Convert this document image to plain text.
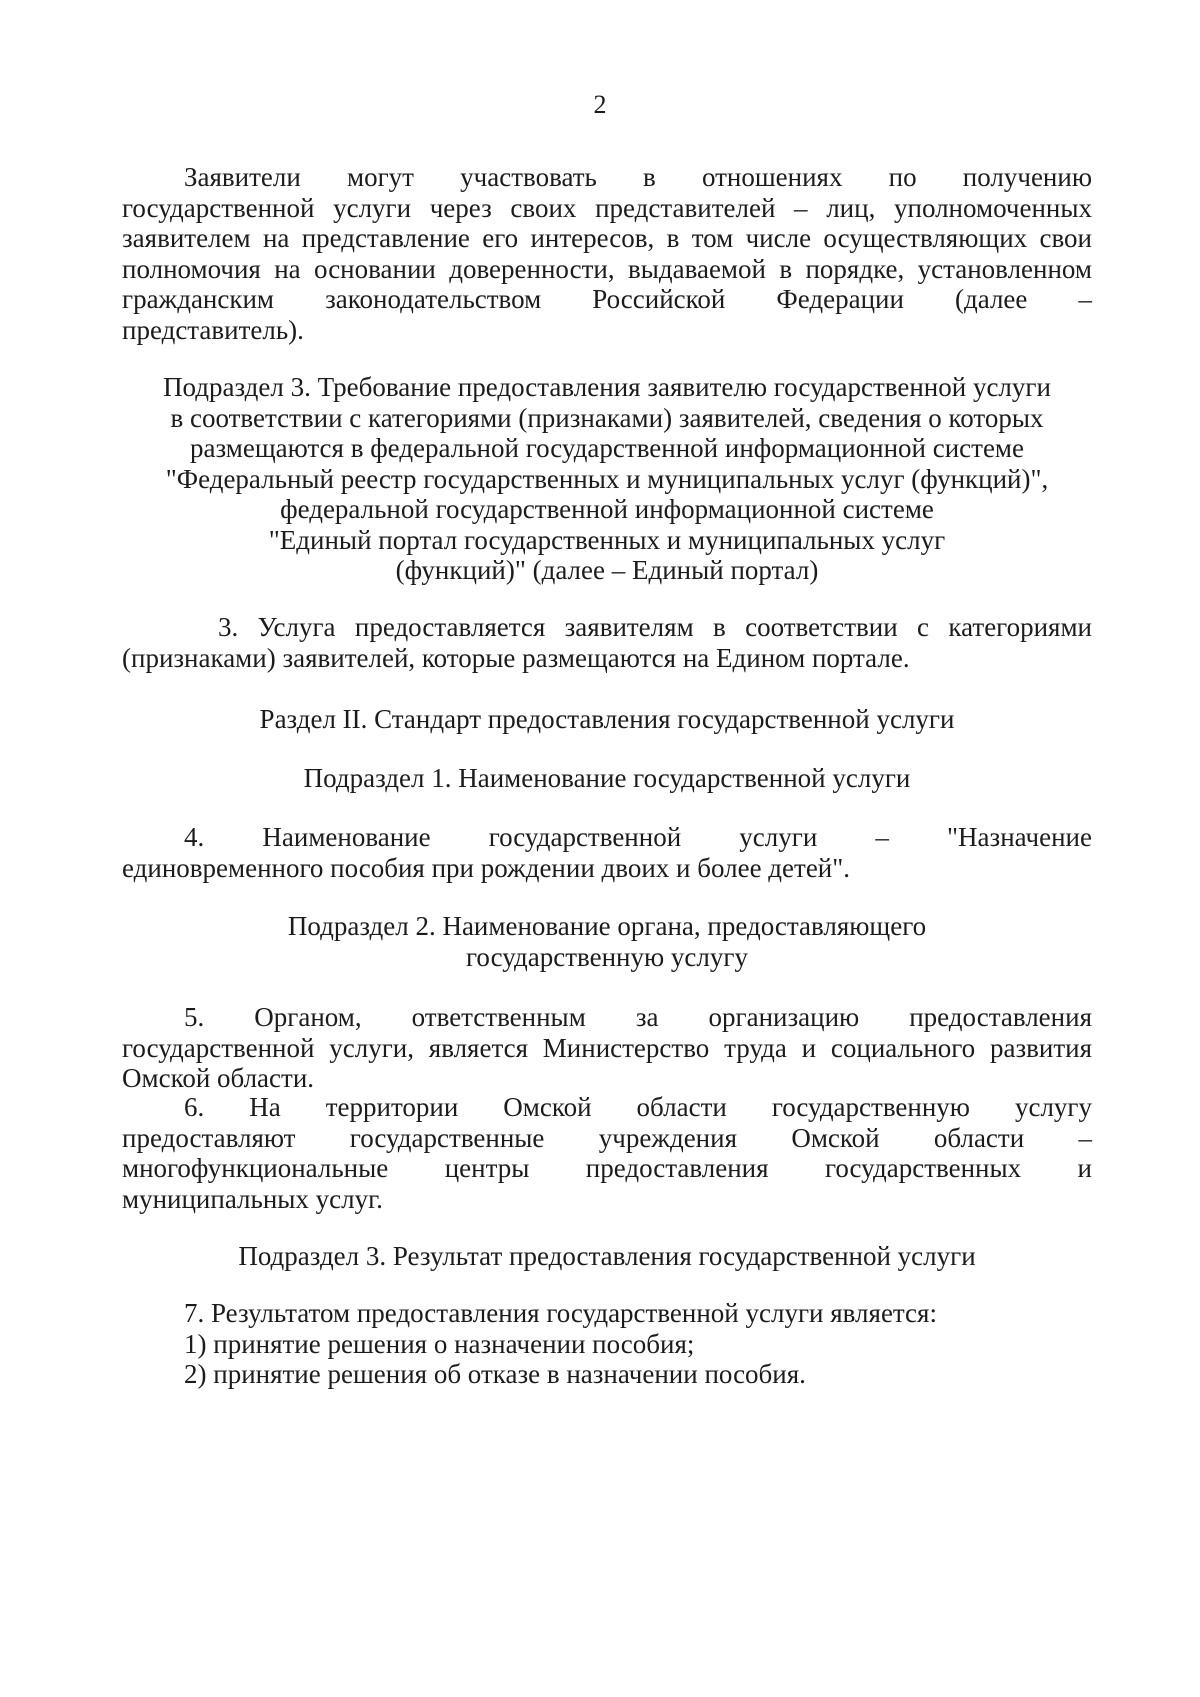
2
Заявители могут участвовать в отношениях по получению
государственной услуги через своих представителей – лиц, уполномоченных
заявителем на представление его интересов, в том числе осуществляющих свои
полномочия на основании доверенности, выдаваемой в порядке, установленном
гражданским законодательством Российской Федерации (далее –
представитель).
Подраздел 3. Требование предоставления заявителю государственной услуги
в соответствии с категориями (признаками) заявителей, сведения о которых
размещаются в федеральной государственной информационной системе
"Федеральный реестр государственных и муниципальных услуг (функций)",
федеральной государственной информационной системе
"Единый портал государственных и муниципальных услуг
(функций)" (далее – Единый портал)
3. Услуга предоставляется заявителям в соответствии с категориями
(признаками) заявителей, которые размещаются на Едином портале.
Раздел II. Стандарт предоставления государственной услуги
Подраздел 1. Наименование государственной услуги
4. Наименование государственной услуги – "Назначение
единовременного пособия при рождении двоих и более детей".
Подраздел 2. Наименование органа, предоставляющего
государственную услугу
5. Органом, ответственным за организацию предоставления
государственной услуги, является Министерство труда и социального развития
Омской области.
6. На территории Омской области государственную услугу
предоставляют государственные учреждения Омской области –
многофункциональные центры предоставления государственных и
муниципальных услуг.
Подраздел 3. Результат предоставления государственной услуги
7. Результатом предоставления государственной услуги является:
1) принятие решения о назначении пособия;
2) принятие решения об отказе в назначении пособия.
